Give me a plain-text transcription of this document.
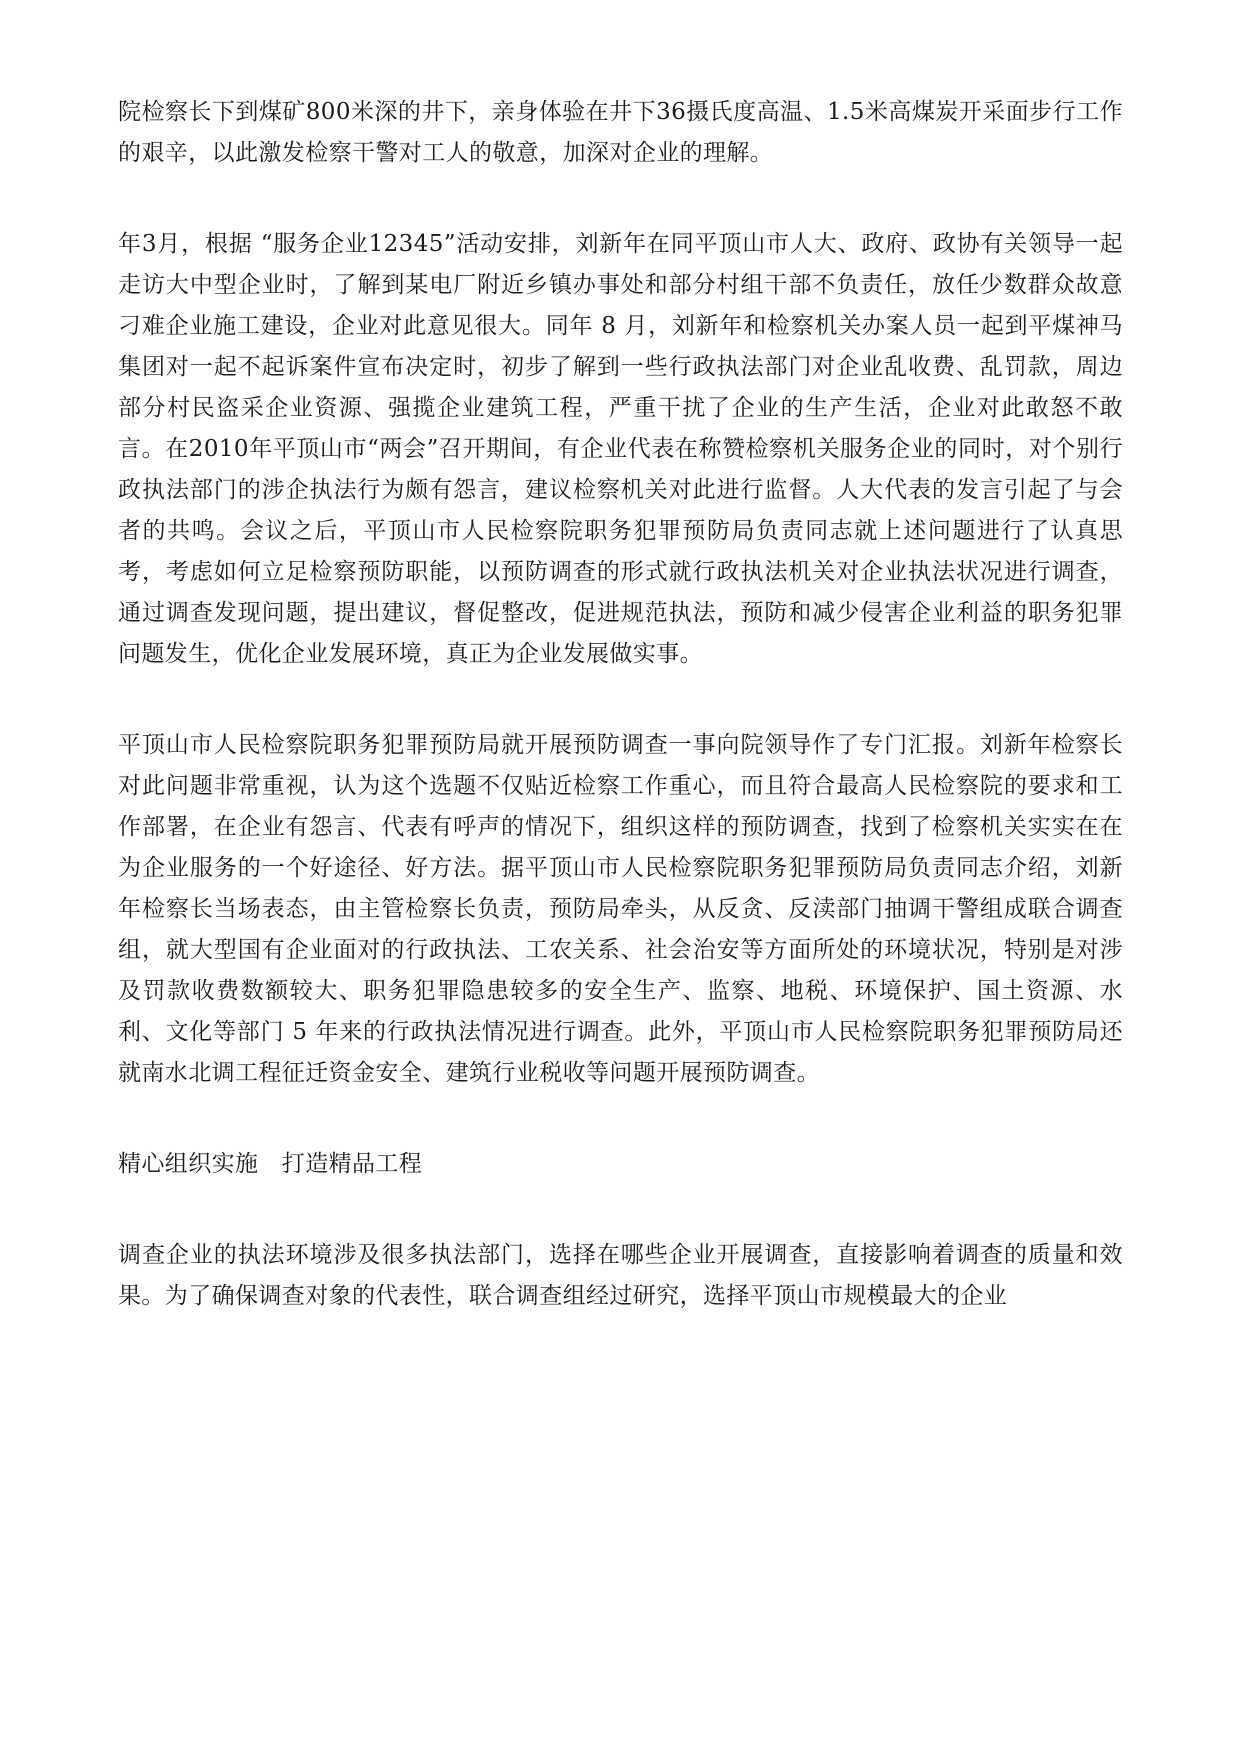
院检察长下到煤矿800米深的井下，亲身体验在井下36摄氏度高温、1.5米高煤炭开采面步行工作的艰辛，以此激发检察干警对工人的敬意，加深对企业的理解。

年3月，根据 “服务企业12345”活动安排，刘新年在同平顶山市人大、政府、政协有关领导一起走访大中型企业时，了解到某电厂附近乡镇办事处和部分村组干部不负责任，放任少数群众故意刁难企业施工建设，企业对此意见很大。同年 8 月，刘新年和检察机关办案人员一起到平煤神马集团对一起不起诉案件宣布决定时，初步了解到一些行政执法部门对企业乱收费、乱罚款，周边部分村民盗采企业资源、强揽企业建筑工程，严重干扰了企业的生产生活，企业对此敢怒不敢言。在2010年平顶山市“两会”召开期间，有企业代表在称赞检察机关服务企业的同时，对个别行政执法部门的涉企执法行为颇有怨言，建议检察机关对此进行监督。人大代表的发言引起了与会者的共鸣。会议之后，平顶山市人民检察院职务犯罪预防局负责同志就上述问题进行了认真思考，考虑如何立足检察预防职能，以预防调查的形式就行政执法机关对企业执法状况进行调查，通过调查发现问题，提出建议，督促整改，促进规范执法，预防和减少侵害企业利益的职务犯罪问题发生，优化企业发展环境，真正为企业发展做实事。

平顶山市人民检察院职务犯罪预防局就开展预防调查一事向院领导作了专门汇报。刘新年检察长对此问题非常重视，认为这个选题不仅贴近检察工作重心，而且符合最高人民检察院的要求和工作部署，在企业有怨言、代表有呼声的情况下，组织这样的预防调查，找到了检察机关实实在在为企业服务的一个好途径、好方法。据平顶山市人民检察院职务犯罪预防局负责同志介绍，刘新年检察长当场表态，由主管检察长负责，预防局牵头，从反贪、反渎部门抽调干警组成联合调查组，就大型国有企业面对的行政执法、工农关系、社会治安等方面所处的环境状况，特别是对涉及罚款收费数额较大、职务犯罪隐患较多的安全生产、监察、地税、环境保护、国土资源、水利、文化等部门 5 年来的行政执法情况进行调查。此外，平顶山市人民检察院职务犯罪预防局还就南水北调工程征迁资金安全、建筑行业税收等问题开展预防调查。

精心组织实施　打造精品工程

调查企业的执法环境涉及很多执法部门，选择在哪些企业开展调查，直接影响着调查的质量和效果。为了确保调查对象的代表性，联合调查组经过研究，选择平顶山市规模最大的企业
